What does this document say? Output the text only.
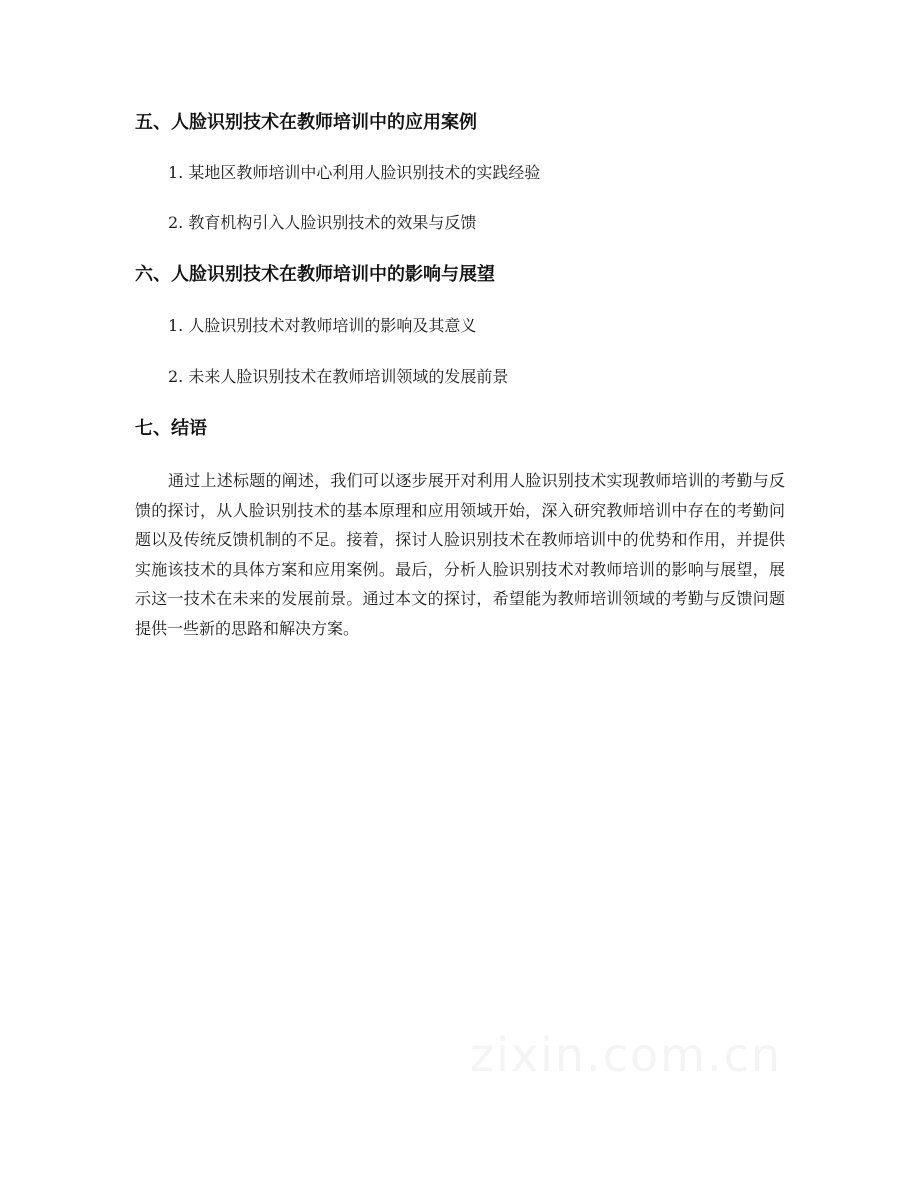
五、人脸识别技术在教师培训中的应用案例
1. 某地区教师培训中心利用人脸识别技术的实践经验
2. 教育机构引入人脸识别技术的效果与反馈
六、人脸识别技术在教师培训中的影响与展望
1. 人脸识别技术对教师培训的影响及其意义
2. 未来人脸识别技术在教师培训领域的发展前景
七、结语
通过上述标题的阐述，我们可以逐步展开对利用人脸识别技术实现教师培训的考勤与反馈的探讨，从人脸识别技术的基本原理和应用领域开始，深入研究教师培训中存在的考勤问题以及传统反馈机制的不足。接着，探讨人脸识别技术在教师培训中的优势和作用，并提供实施该技术的具体方案和应用案例。最后，分析人脸识别技术对教师培训的影响与展望，展示这一技术在未来的发展前景。通过本文的探讨，希望能为教师培训领域的考勤与反馈问题提供一些新的思路和解决方案。
zixin.com.cn
